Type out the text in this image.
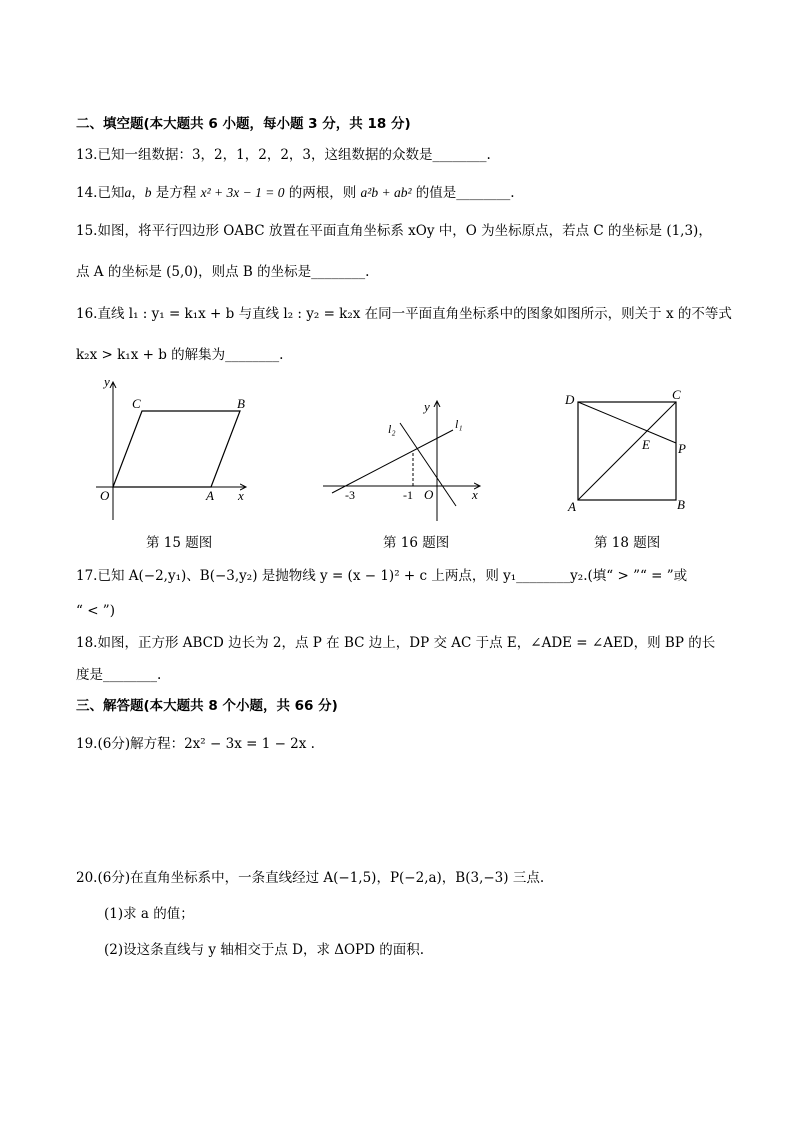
二、填空题(本大题共 6 小题，每小题 3 分，共 18 分)
13.已知一组数据：3，2，1，2，2，3，这组数据的众数是________.
14.已知a，b 是方程 x² + 3x − 1 = 0 的两根，则 a²b + ab² 的值是________.
15.如图，将平行四边形 OABC 放置在平面直角坐标系 xOy 中，O 为坐标原点，若点 C 的坐标是 (1,3)，
点 A 的坐标是 (5,0)，则点 B 的坐标是________.
16.直线 l₁ : y₁ = k₁x + b 与直线 l₂ : y₂ = k₂x 在同一平面直角坐标系中的图象如图所示，则关于 x 的不等式
k₂x > k₁x + b 的解集为________.
y
C	B
O	A x
第 15 题图
y
l₂	l₁
-3	-1 O	x
第 16 题图
D	C
E P
A	B
第 18 题图
17.已知 A(−2,y₁)、B(−3,y₂) 是抛物线 y = (x − 1)² + c 上两点，则 y₁________y₂.(填“ > ”“ = ”或
“ < ”)
18.如图，正方形 ABCD 边长为 2，点 P 在 BC 边上，DP 交 AC 于点 E，∠ADE = ∠AED，则 BP 的长
度是________.
三、解答题(本大题共 8 个小题，共 66 分)
19.(6分)解方程：2x² − 3x = 1 − 2x .
20.(6分)在直角坐标系中，一条直线经过 A(−1,5)，P(−2,a)，B(3,−3) 三点.
(1)求 a 的值；
(2)设这条直线与 y 轴相交于点 D，求 ΔOPD 的面积.
